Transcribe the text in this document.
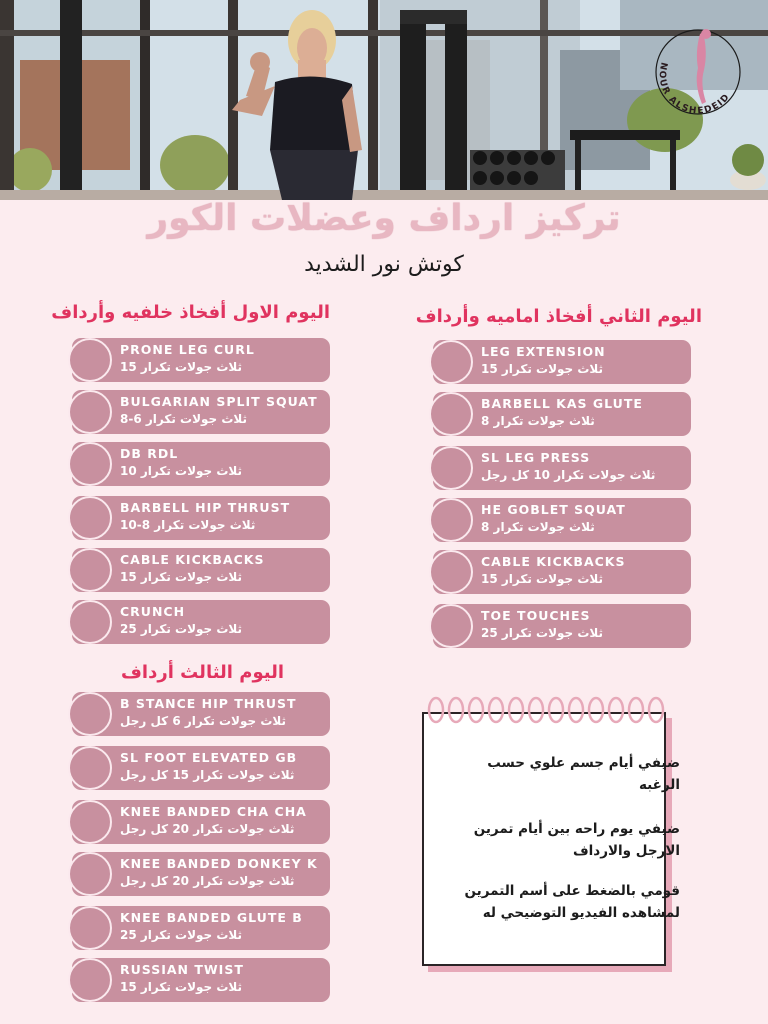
NOUR ALSHEDEID
تركيز ارداف وعضلات الكور
كوتش نور الشديد
اليوم الاول أفخاذ خلفيه وأرداف	اليوم الثاني أفخاذ اماميه وأرداف
اليوم الثالث أرداف
PRONE LEG CURL
ثلاث جولات تكرار 15
BULGARIAN SPLIT SQUAT
ثلاث جولات تكرار 6-8
DB RDL
ثلاث جولات تكرار 10
BARBELL HIP THRUST
ثلاث جولات تكرار 8-10
CABLE KICKBACKS
ثلاث جولات تكرار 15
CRUNCH
ثلاث جولات تكرار 25
LEG EXTENSION
ثلاث جولات تكرار 15
BARBELL KAS GLUTE
ثلاث جولات تكرار 8
SL LEG PRESS
ثلاث جولات تكرار 10 كل رجل
HE GOBLET SQUAT
ثلاث جولات تكرار 8
CABLE KICKBACKS
ثلاث جولات تكرار 15
TOE TOUCHES
ثلاث جولات تكرار 25
B STANCE HIP THRUST
ثلاث جولات تكرار 6 كل رجل
SL FOOT ELEVATED GB
ثلاث جولات تكرار 15 كل رجل
KNEE BANDED CHA CHA
ثلاث جولات تكرار 20 كل رجل
KNEE BANDED DONKEY K
ثلاث جولات تكرار 20 كل رجل
KNEE BANDED GLUTE B
ثلاث جولات تكرار 25
RUSSIAN TWIST
ثلاث جولات تكرار 15
ضيفي أيام جسم علوي حسب الرغبه
ضيفي يوم راحه بين أيام تمرين الارجل والارداف
قومي بالضغط على أسم التمرين لمشاهده الفيديو التوضيحي له
